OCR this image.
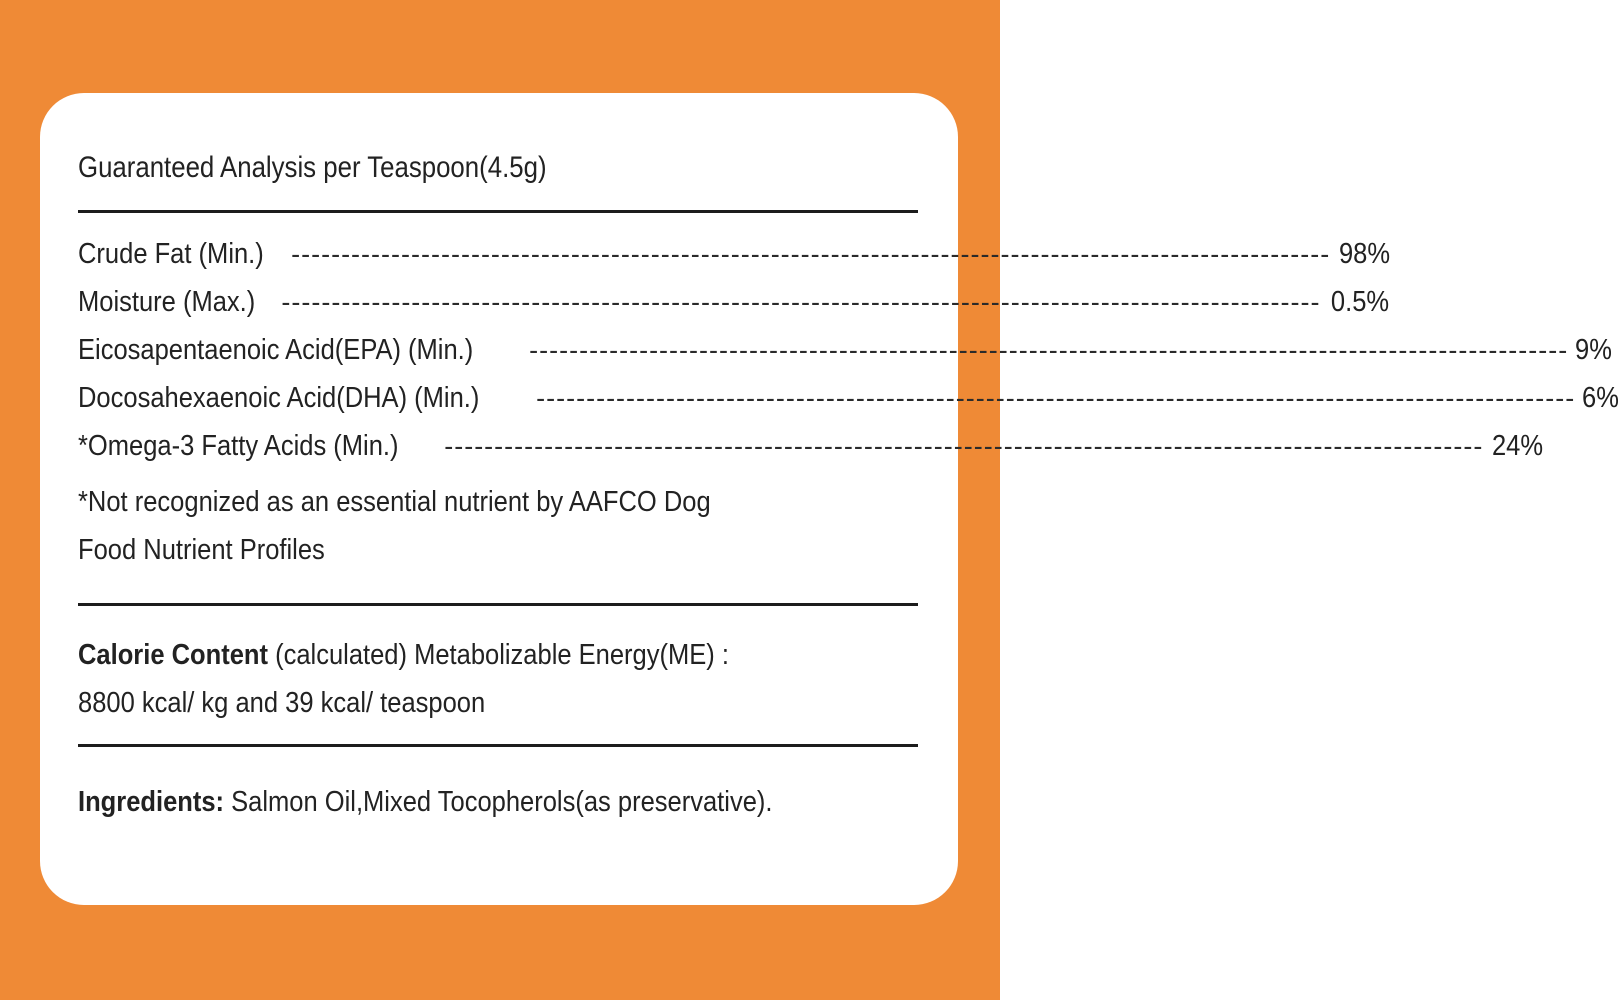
Guaranteed Analysis per Teaspoon(4.5g)
Crude Fat (Min.) -------------------------------------------------------------------------------------------------------- 98%
Moisture (Max.) -------------------------------------------------------------------------------------------------------- 0.5%
Eicosapentaenoic Acid(EPA) (Min.) -------------------------------------------------------------------------------------------------------- 9%
Docosahexaenoic Acid(DHA) (Min.) -------------------------------------------------------------------------------------------------------- 6%
*Omega-3 Fatty Acids (Min.) -------------------------------------------------------------------------------------------------------- 24%
*Not recognized as an essential nutrient by AAFCO Dog
Food Nutrient Profiles
Calorie Content (calculated) Metabolizable Energy(ME) :
8800 kcal/ kg and 39 kcal/ teaspoon
Ingredients: Salmon Oil,Mixed Tocopherols(as preservative).
